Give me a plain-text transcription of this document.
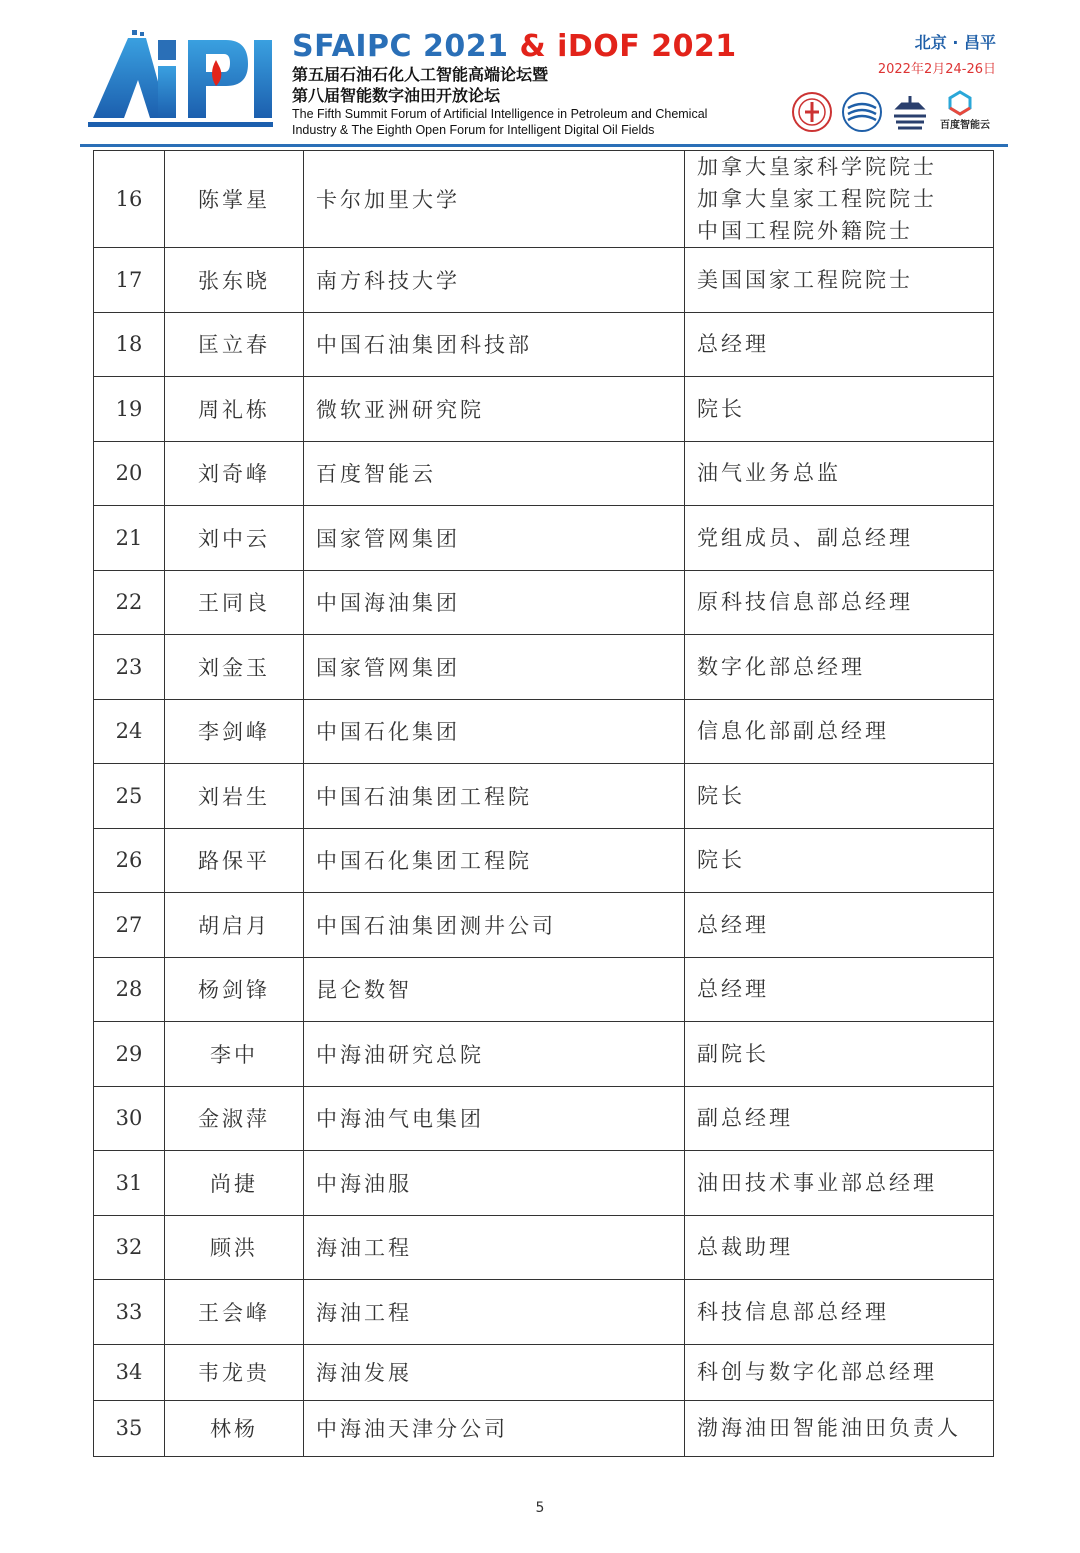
SFAIPC 2021 & iDOF 2021
第五届石油石化人工智能高端论坛暨
第八届智能数字油田开放论坛
The Fifth Summit Forum of Artificial Intelligence in Petroleum and Chemical
Industry & The Eighth Open Forum for Intelligent Digital Oil Fields
北京 · 昌平
2022年2月24-26日
百度智能云
16	陈掌星	卡尔加里大学	加拿大皇家科学院院士
加拿大皇家工程院院士
中国工程院外籍院士

17	张东晓	南方科技大学	美国国家工程院院士

18	匡立春	中国石油集团科技部	总经理

19	周礼栋	微软亚洲研究院	院长

20	刘奇峰	百度智能云	油气业务总监

21	刘中云	国家管网集团	党组成员、副总经理

22	王同良	中国海油集团	原科技信息部总经理

23	刘金玉	国家管网集团	数字化部总经理

24	李剑峰	中国石化集团	信息化部副总经理

25	刘岩生	中国石油集团工程院	院长

26	路保平	中国石化集团工程院	院长

27	胡启月	中国石油集团测井公司	总经理

28	杨剑锋	昆仑数智	总经理

29	李中	中海油研究总院	副院长

30	金淑萍	中海油气电集团	副总经理

31	尚捷	中海油服	油田技术事业部总经理

32	顾洪	海油工程	总裁助理

33	王会峰	海油工程	科技信息部总经理

34	韦龙贵	海油发展	科创与数字化部总经理

35	林杨	中海油天津分公司	渤海油田智能油田负责人
5
